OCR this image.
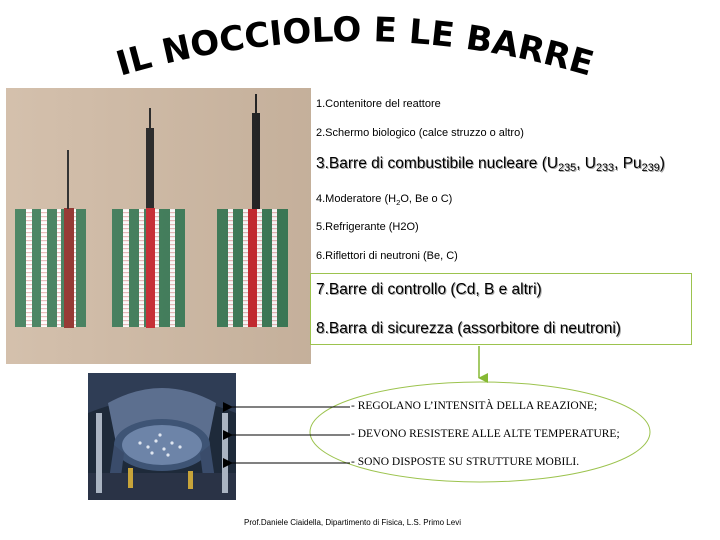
IL NOCCIOLO E LE BARRE
1.Contenitore del reattore
2.Schermo biologico (calce struzzo o altro)
3.Barre di combustibile nucleare ($U_{235}$, $U_{233}$, $Pu_{239}$)
4.Moderatore ($H_2O$, Be o C)
5.Refrigerante (H2O)
6.Riflettori di neutroni (Be, C)
7.Barre di controllo (Cd, B e altri)
8.Barra di sicurezza (assorbitore di neutroni)
- REGOLANO L’INTENSITÀ DELLA REAZIONE;
- DEVONO RESISTERE ALLE ALTE TEMPERATURE;
- SONO DISPOSTE SU STRUTTURE MOBILI.
Prof.Daniele Ciaidella, Dipartimento di Fisica, L.S. Primo Levi
